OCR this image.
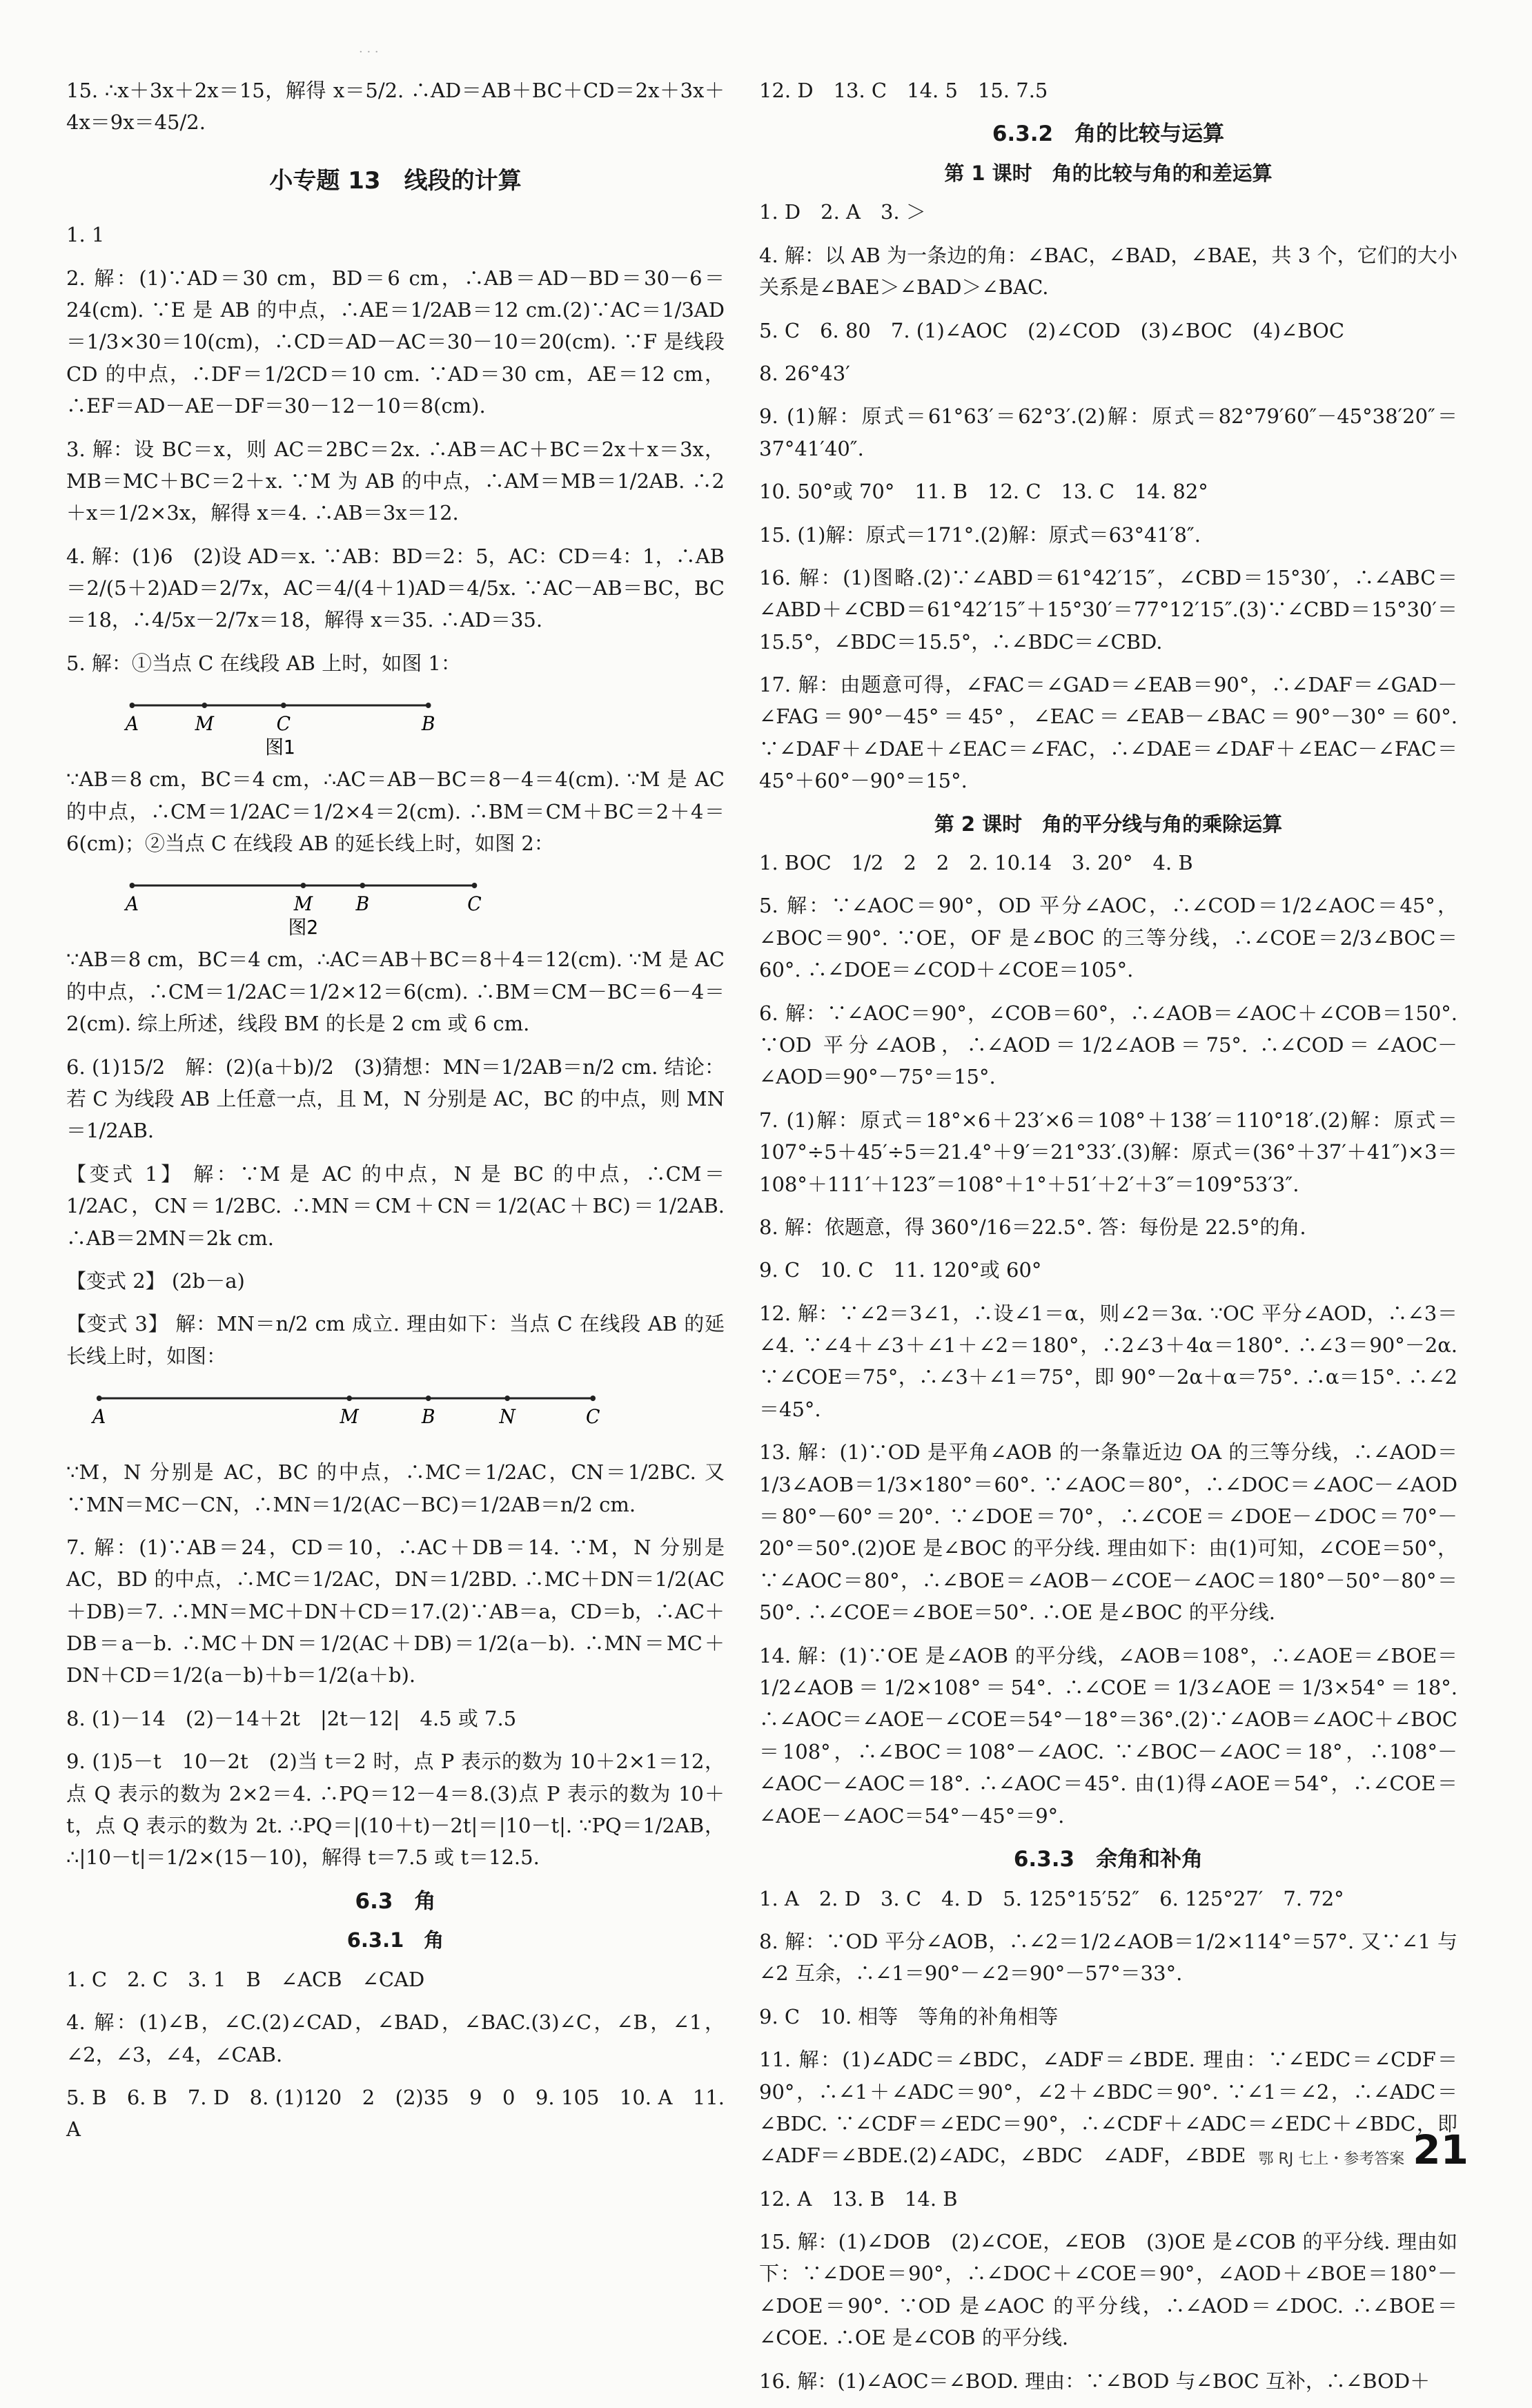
· · ·

15. ∴x＋3x＋2x＝15，解得 x＝5/2. ∴AD＝AB＋BC＋CD＝2x＋3x＋4x＝9x＝45/2.

小专题 13　线段的计算

1. 1

2. 解：(1)∵AD＝30 cm，BD＝6 cm，∴AB＝AD－BD＝30－6＝24(cm). ∵E 是 AB 的中点，∴AE＝1/2AB＝12 cm.(2)∵AC＝1/3AD＝1/3×30＝10(cm)，∴CD＝AD－AC＝30－10＝20(cm). ∵F 是线段 CD 的中点，∴DF＝1/2CD＝10 cm. ∵AD＝30 cm，AE＝12 cm，∴EF＝AD－AE－DF＝30－12－10＝8(cm).

3. 解：设 BC＝x，则 AC＝2BC＝2x. ∴AB＝AC＋BC＝2x＋x＝3x，MB＝MC＋BC＝2＋x. ∵M 为 AB 的中点，∴AM＝MB＝1/2AB. ∴2＋x＝1/2×3x，解得 x＝4. ∴AB＝3x＝12.

4. 解：(1)6　(2)设 AD＝x. ∵AB：BD＝2：5，AC：CD＝4：1，∴AB＝2/(5＋2)AD＝2/7x，AC＝4/(4＋1)AD＝4/5x. ∵AC－AB＝BC，BC＝18，∴4/5x－2/7x＝18，解得 x＝35. ∴AD＝35.

5. 解：①当点 C 在线段 AB 上时，如图 1：

A	M	C	B
图1

∵AB＝8 cm，BC＝4 cm，∴AC＝AB－BC＝8－4＝4(cm). ∵M 是 AC 的中点，∴CM＝1/2AC＝1/2×4＝2(cm). ∴BM＝CM＋BC＝2＋4＝6(cm)；②当点 C 在线段 AB 的延长线上时，如图 2：

A	M B	C
图2

∵AB＝8 cm，BC＝4 cm，∴AC＝AB＋BC＝8＋4＝12(cm). ∵M 是 AC 的中点，∴CM＝1/2AC＝1/2×12＝6(cm). ∴BM＝CM－BC＝6－4＝2(cm). 综上所述，线段 BM 的长是 2 cm 或 6 cm.

6. (1)15/2　解：(2)(a＋b)/2　(3)猜想：MN＝1/2AB＝n/2 cm. 结论：若 C 为线段 AB 上任意一点，且 M，N 分别是 AC，BC 的中点，则 MN＝1/2AB.

【变式 1】 解：∵M 是 AC 的中点，N 是 BC 的中点，∴CM＝1/2AC，CN＝1/2BC. ∴MN＝CM＋CN＝1/2(AC＋BC)＝1/2AB. ∴AB＝2MN＝2k cm.

【变式 2】 (2b－a)

【变式 3】 解：MN＝n/2 cm 成立. 理由如下：当点 C 在线段 AB 的延长线上时，如图：

A	M	B	N	C

∵M，N 分别是 AC，BC 的中点，∴MC＝1/2AC，CN＝1/2BC. 又∵MN＝MC－CN，∴MN＝1/2(AC－BC)＝1/2AB＝n/2 cm.

7. 解：(1)∵AB＝24，CD＝10，∴AC＋DB＝14. ∵M，N 分别是 AC，BD 的中点，∴MC＝1/2AC，DN＝1/2BD. ∴MC＋DN＝1/2(AC＋DB)＝7. ∴MN＝MC＋DN＋CD＝17.(2)∵AB＝a，CD＝b，∴AC＋DB＝a－b. ∴MC＋DN＝1/2(AC＋DB)＝1/2(a－b). ∴MN＝MC＋DN＋CD＝1/2(a－b)＋b＝1/2(a＋b).

8. (1)－14　(2)－14＋2t　|2t－12|　4.5 或 7.5

9. (1)5－t　10－2t　(2)当 t＝2 时，点 P 表示的数为 10＋2×1＝12，点 Q 表示的数为 2×2＝4. ∴PQ＝12－4＝8.(3)点 P 表示的数为 10＋t，点 Q 表示的数为 2t. ∴PQ＝|(10＋t)－2t|＝|10－t|. ∵PQ＝1/2AB，∴|10－t|＝1/2×(15－10)，解得 t＝7.5 或 t＝12.5.

6.3　角

6.3.1　角

1. C　2. C　3. 1　B　∠ACB　∠CAD

4. 解：(1)∠B，∠C.(2)∠CAD，∠BAD，∠BAC.(3)∠C，∠B，∠1，∠2，∠3，∠4，∠CAB.

5. B　6. B　7. D　8. (1)120　2　(2)35　9　0　9. 105　10. A　11. A

12. D　13. C　14. 5　15. 7.5

6.3.2　角的比较与运算

第 1 课时　角的比较与角的和差运算

1. D　2. A　3. ＞

4. 解：以 AB 为一条边的角：∠BAC，∠BAD，∠BAE，共 3 个，它们的大小关系是∠BAE＞∠BAD＞∠BAC.

5. C　6. 80　7. (1)∠AOC　(2)∠COD　(3)∠BOC　(4)∠BOC

8. 26°43′

9. (1)解：原式＝61°63′＝62°3′.(2)解：原式＝82°79′60″－45°38′20″＝37°41′40″.

10. 50°或 70°　11. B　12. C　13. C　14. 82°

15. (1)解：原式＝171°.(2)解：原式＝63°41′8″.

16. 解：(1)图略.(2)∵∠ABD＝61°42′15″，∠CBD＝15°30′，∴∠ABC＝∠ABD＋∠CBD＝61°42′15″＋15°30′＝77°12′15″.(3)∵∠CBD＝15°30′＝15.5°，∠BDC＝15.5°，∴∠BDC＝∠CBD.

17. 解：由题意可得，∠FAC＝∠GAD＝∠EAB＝90°，∴∠DAF＝∠GAD－∠FAG＝90°－45°＝45°，∠EAC＝∠EAB－∠BAC＝90°－30°＝60°. ∵∠DAF＋∠DAE＋∠EAC＝∠FAC，∴∠DAE＝∠DAF＋∠EAC－∠FAC＝45°＋60°－90°＝15°.

第 2 课时　角的平分线与角的乘除运算

1. BOC　1/2　2　2　2. 10.14　3. 20°　4. B

5. 解：∵∠AOC＝90°，OD 平分∠AOC，∴∠COD＝1/2∠AOC＝45°，∠BOC＝90°. ∵OE，OF 是∠BOC 的三等分线，∴∠COE＝2/3∠BOC＝60°. ∴∠DOE＝∠COD＋∠COE＝105°.

6. 解：∵∠AOC＝90°，∠COB＝60°，∴∠AOB＝∠AOC＋∠COB＝150°. ∵OD 平分∠AOB，∴∠AOD＝1/2∠AOB＝75°. ∴∠COD＝∠AOC－∠AOD＝90°－75°＝15°.

7. (1)解：原式＝18°×6＋23′×6＝108°＋138′＝110°18′.(2)解：原式＝107°÷5＋45′÷5＝21.4°＋9′＝21°33′.(3)解：原式＝(36°＋37′＋41″)×3＝108°＋111′＋123″＝108°＋1°＋51′＋2′＋3″＝109°53′3″.

8. 解：依题意，得 360°/16＝22.5°. 答：每份是 22.5°的角.

9. C　10. C　11. 120°或 60°

12. 解：∵∠2＝3∠1，∴设∠1＝α，则∠2＝3α. ∵OC 平分∠AOD，∴∠3＝∠4. ∵∠4＋∠3＋∠1＋∠2＝180°，∴2∠3＋4α＝180°. ∴∠3＝90°－2α. ∵∠COE＝75°，∴∠3＋∠1＝75°，即 90°－2α＋α＝75°. ∴α＝15°. ∴∠2＝45°.

13. 解：(1)∵OD 是平角∠AOB 的一条靠近边 OA 的三等分线，∴∠AOD＝1/3∠AOB＝1/3×180°＝60°. ∵∠AOC＝80°，∴∠DOC＝∠AOC－∠AOD＝80°－60°＝20°. ∵∠DOE＝70°，∴∠COE＝∠DOE－∠DOC＝70°－20°＝50°.(2)OE 是∠BOC 的平分线. 理由如下：由(1)可知，∠COE＝50°，∵∠AOC＝80°，∴∠BOE＝∠AOB－∠COE－∠AOC＝180°－50°－80°＝50°. ∴∠COE＝∠BOE＝50°. ∴OE 是∠BOC 的平分线.

14. 解：(1)∵OE 是∠AOB 的平分线，∠AOB＝108°，∴∠AOE＝∠BOE＝1/2∠AOB＝1/2×108°＝54°. ∴∠COE＝1/3∠AOE＝1/3×54°＝18°. ∴∠AOC＝∠AOE－∠COE＝54°－18°＝36°.(2)∵∠AOB＝∠AOC＋∠BOC＝108°，∴∠BOC＝108°－∠AOC. ∵∠BOC－∠AOC＝18°，∴108°－∠AOC－∠AOC＝18°. ∴∠AOC＝45°. 由(1)得∠AOE＝54°，∴∠COE＝∠AOE－∠AOC＝54°－45°＝9°.

6.3.3　余角和补角

1. A　2. D　3. C　4. D　5. 125°15′52″　6. 125°27′　7. 72°

8. 解：∵OD 平分∠AOB，∴∠2＝1/2∠AOB＝1/2×114°＝57°. 又∵∠1 与∠2 互余，∴∠1＝90°－∠2＝90°－57°＝33°.

9. C　10. 相等　等角的补角相等

11. 解：(1)∠ADC＝∠BDC，∠ADF＝∠BDE. 理由：∵∠EDC＝∠CDF＝90°，∴∠1＋∠ADC＝90°，∠2＋∠BDC＝90°. ∵∠1＝∠2，∴∠ADC＝∠BDC. ∵∠CDF＝∠EDC＝90°，∴∠CDF＋∠ADC＝∠EDC＋∠BDC，即∠ADF＝∠BDE.(2)∠ADC，∠BDC　∠ADF，∠BDE

12. A　13. B　14. B

15. 解：(1)∠DOB　(2)∠COE，∠EOB　(3)OE 是∠COB 的平分线. 理由如下：∵∠DOE＝90°，∴∠DOC＋∠COE＝90°，∠AOD＋∠BOE＝180°－∠DOE＝90°. ∵OD 是∠AOC 的平分线，∴∠AOD＝∠DOC. ∴∠BOE＝∠COE. ∴OE 是∠COB 的平分线.

16. 解：(1)∠AOC＝∠BOD. 理由：∵∠BOD 与∠BOC 互补，∴∠BOD＋

鄂 RJ 七上・参考答案 21
